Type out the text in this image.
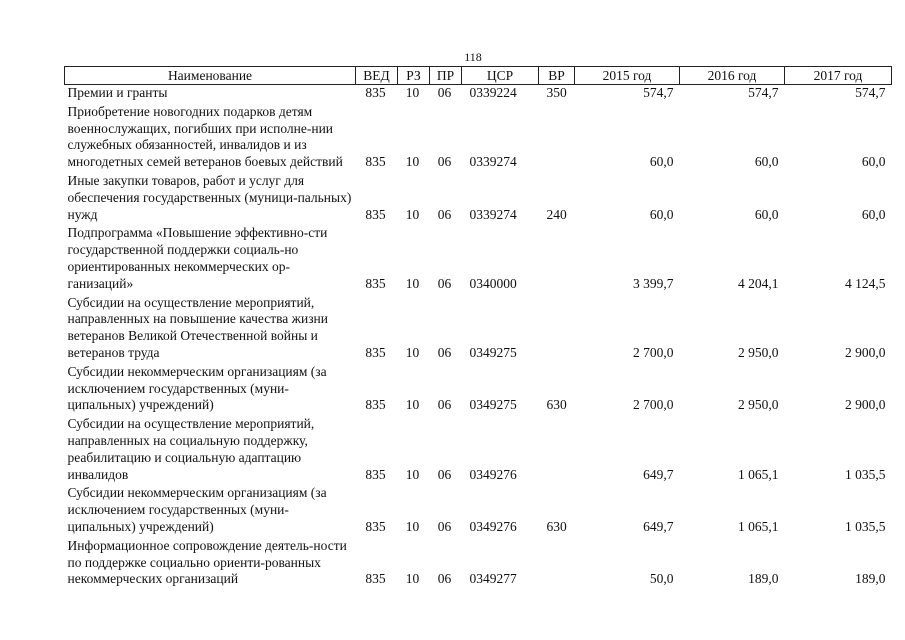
118
Наименование	ВЕД	РЗ	ПР	ЦСР	ВР	2015 год	2016 год	2017 год
Премии и гранты	835	10	06	0339224	350	574,7	574,7	574,7
Приобретение новогодних подарков детям военнослужащих, погибших при исполне-нии служебных обязанностей, инвалидов и из многодетных семей ветеранов боевых действий	835	10	06	0339274		60,0	60,0	60,0
Иные закупки товаров, работ и услуг для обеспечения государственных (муници-пальных) нужд	835	10	06	0339274	240	60,0	60,0	60,0
Подпрограмма «Повышение эффективно-сти государственной поддержки социаль-но ориентированных некоммерческих ор-ганизаций»	835	10	06	0340000		3 399,7	4 204,1	4 124,5
Субсидии на осуществление мероприятий, направленных на повышение качества жизни ветеранов Великой Отечественной войны и ветеранов труда	835	10	06	0349275		2 700,0	2 950,0	2 900,0
Субсидии некоммерческим организациям (за исключением государственных (муни-ципальных) учреждений)	835	10	06	0349275	630	2 700,0	2 950,0	2 900,0
Субсидии на осуществление мероприятий, направленных на социальную поддержку, реабилитацию и социальную адаптацию инвалидов	835	10	06	0349276		649,7	1 065,1	1 035,5
Субсидии некоммерческим организациям (за исключением государственных (муни-ципальных) учреждений)	835	10	06	0349276	630	649,7	1 065,1	1 035,5
Информационное сопровождение деятель-ности по поддержке социально ориенти-рованных некоммерческих организаций	835	10	06	0349277		50,0	189,0	189,0
